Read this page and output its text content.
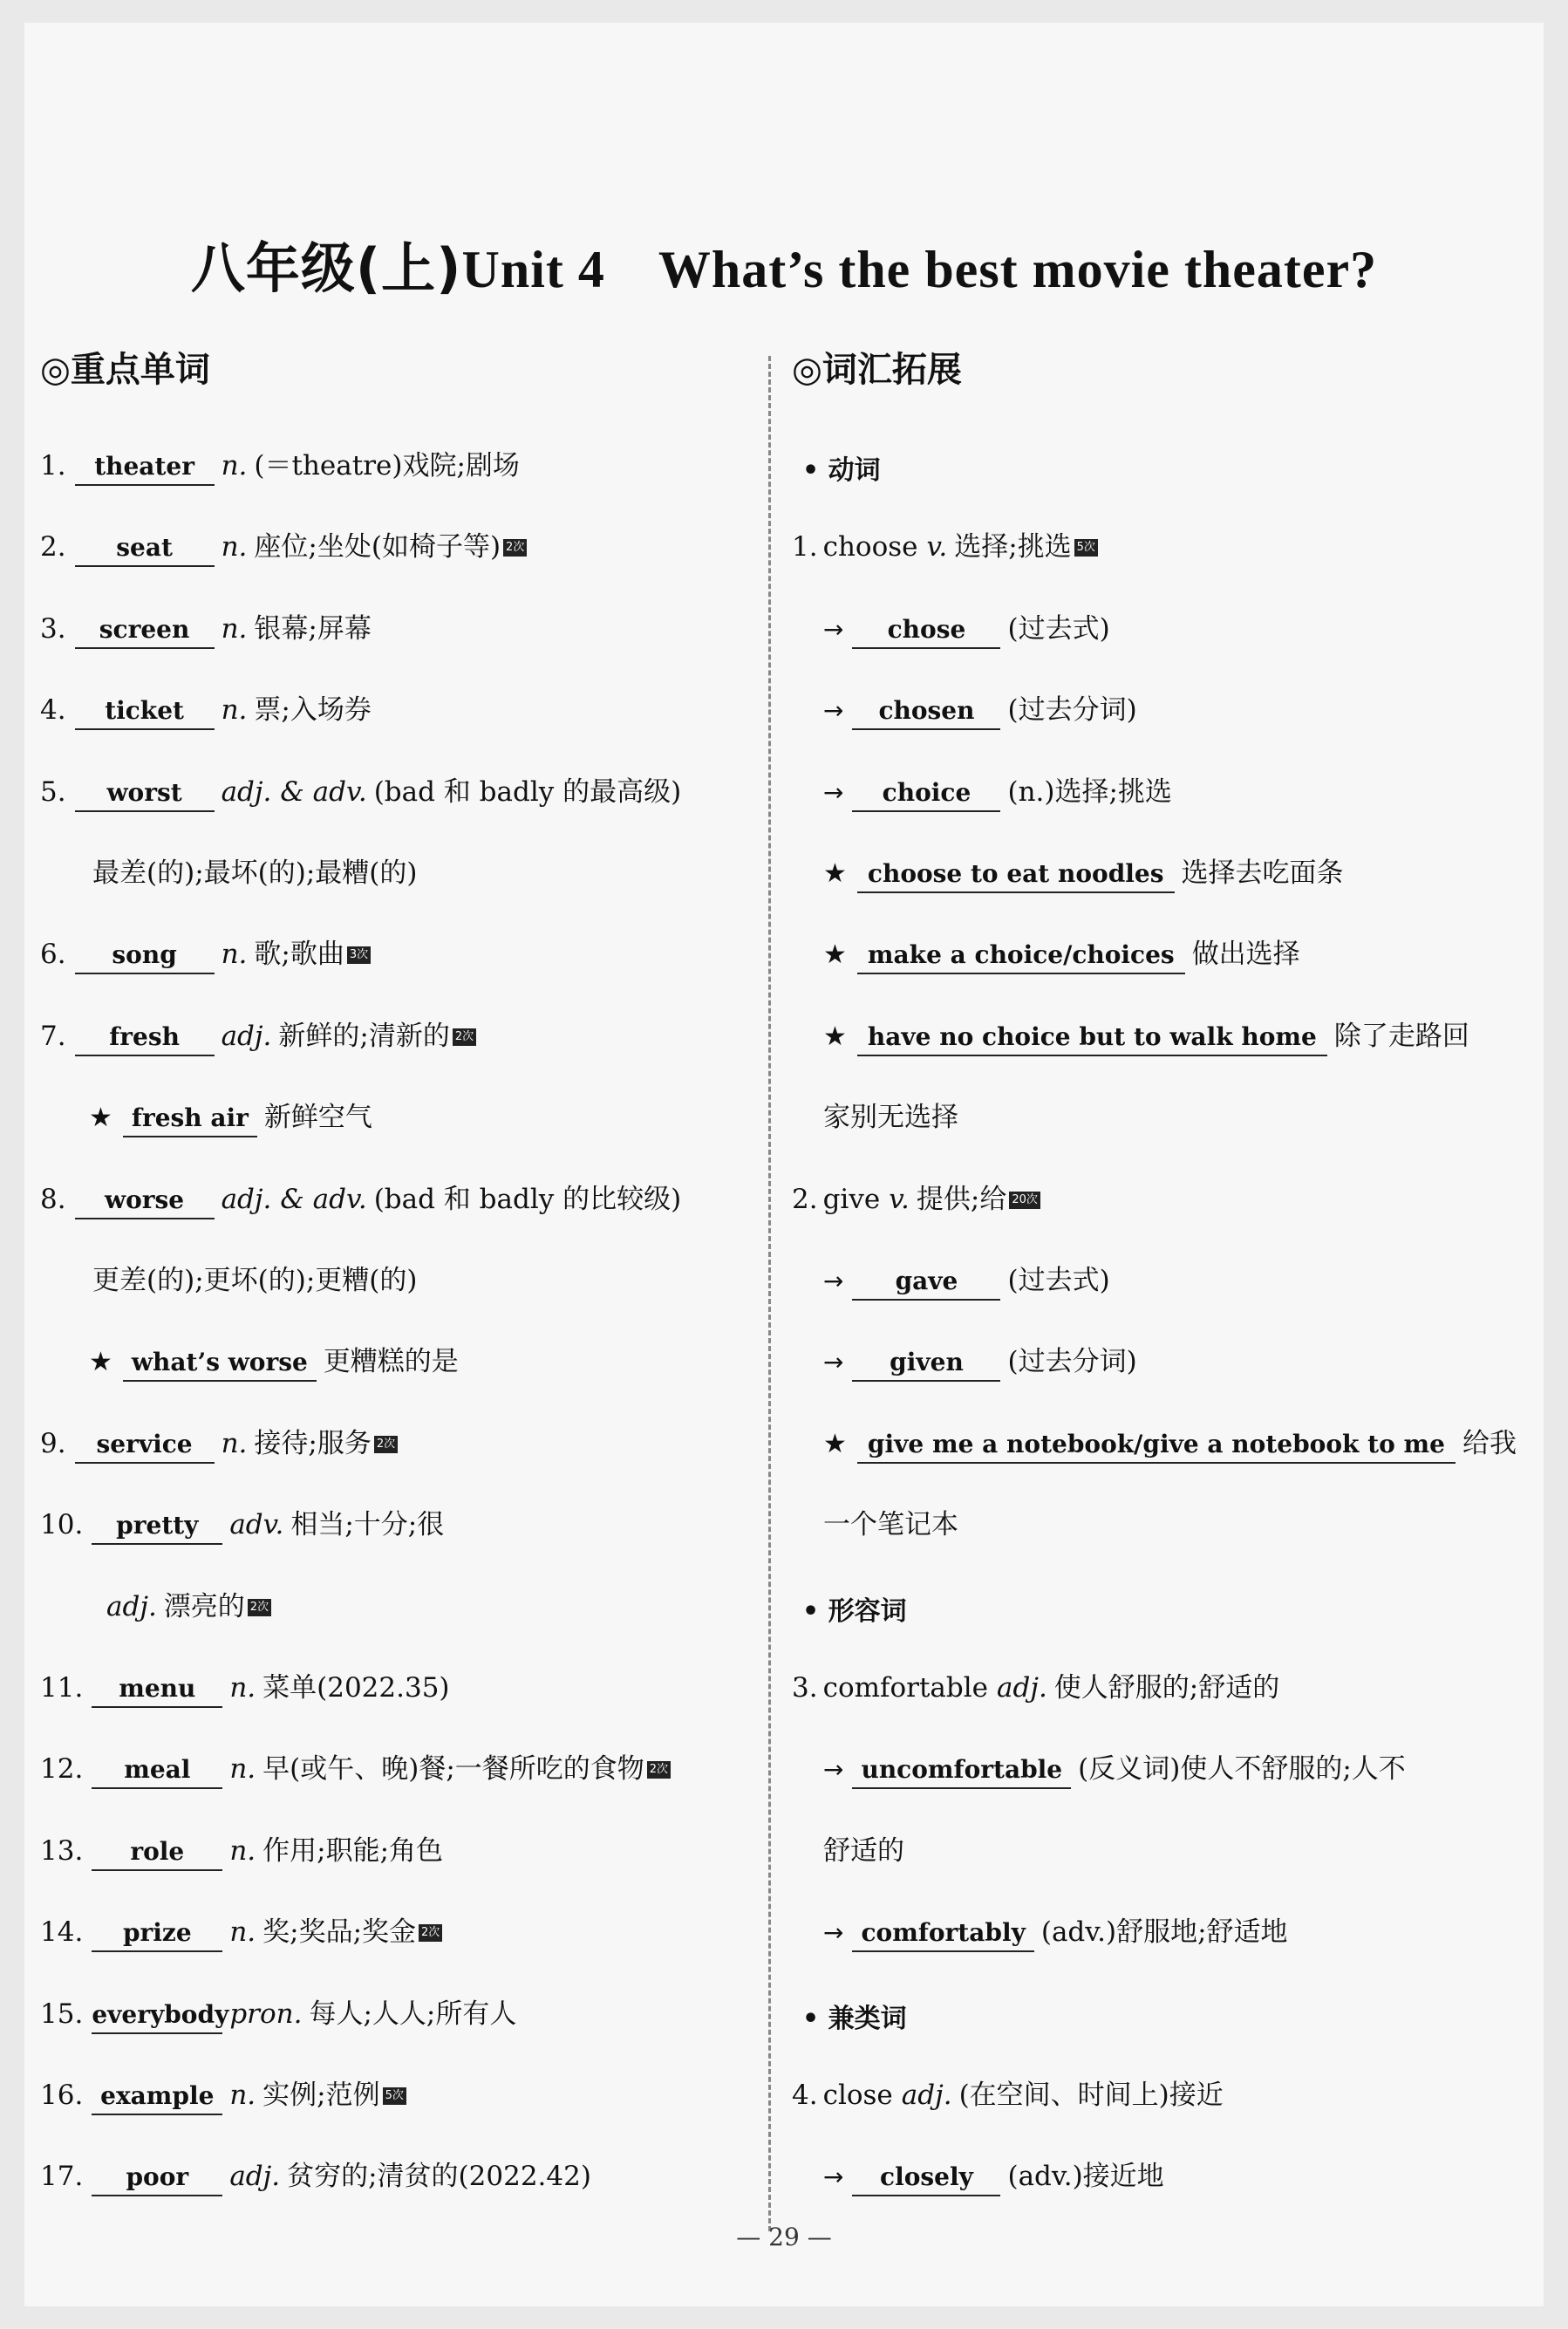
八年级(上)Unit 4　What’s the best movie theater?
◎重点单词
1.	theater n. (＝theatre)戏院;剧场
2.	seat	n. 座位;坐处(如椅子等) 2次
3.	screen	n. 银幕;屏幕
4.	ticket	n. 票;入场券
5.	worst	adj. & adv. (bad 和 badly 的最高级)
最差(的);最坏(的);最糟(的)
6.	song	n. 歌;歌曲 3次
7.	fresh	adj. 新鲜的;清新的 2次
★ fresh air 新鲜空气
8.	worse	adj. & adv. (bad 和 badly 的比较级)
更差(的);更坏(的);更糟(的)
★ what’s worse 更糟糕的是
9.	service	n. 接待;服务 2次
10.	pretty	adv. 相当;十分;很
adj. 漂亮的 2次
11.	menu	n. 菜单(2022.35)
12.	meal	n. 早(或午、晚)餐;一餐所吃的食物 2次
13.	role	n. 作用;职能;角色
14.	prize	n. 奖;奖品;奖金 2次
15. everybody pron. 每人;人人;所有人
16. example n. 实例;范例 5次
17.	poor	adj. 贫穷的;清贫的(2022.42)
◎词汇拓展
• 动词
1. choose v. 选择;挑选 5次
→	chose	(过去式)
→	chosen	(过去分词)
→	choice	(n.)选择;挑选
★ choose to eat noodles 选择去吃面条
★ make a choice/choices 做出选择
★ have no choice but to walk home 除了走路回
家别无选择
2. give v. 提供;给 20次
→	gave	(过去式)
→	given	(过去分词)
★ give me a notebook/give a notebook to me 给我
一个笔记本
• 形容词
3. comfortable adj. 使人舒服的;舒适的
→ uncomfortable (反义词)使人不舒服的;人不
舒适的
→ comfortably (adv.)舒服地;舒适地
• 兼类词
4. close adj. (在空间、时间上)接近
→	closely	(adv.)接近地
— 29 —
